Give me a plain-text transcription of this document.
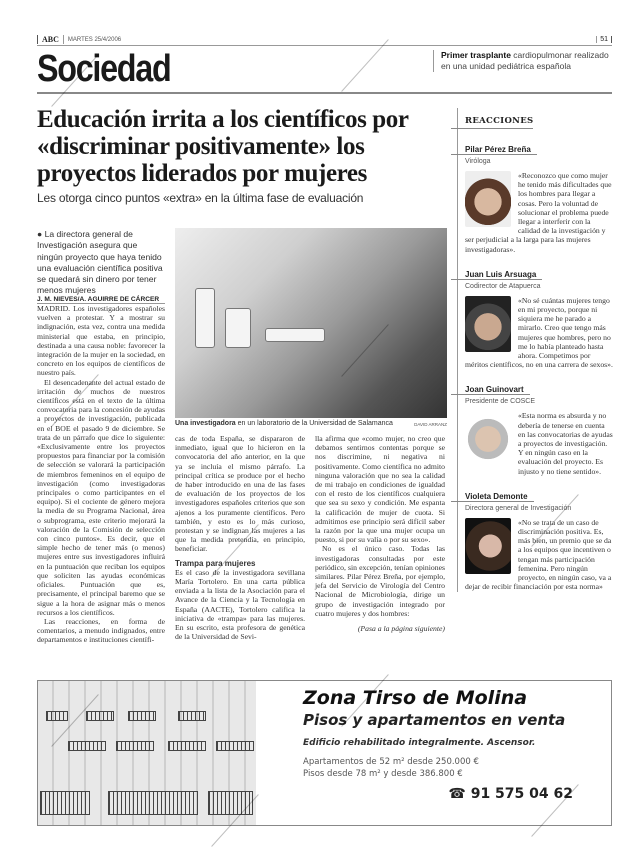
ABC	MARTES 25/4/2006	51
Sociedad	Primer trasplante cardiopulmonar realizado en una unidad pediátrica española
Educación irrita a los científicos por «discriminar positivamente» los proyectos liderados por mujeres
Les otorga cinco puntos «extra» en la última fase de evaluación
● La directora general de Investigación asegura que ningún proyecto que haya tenido una evaluación científica positiva se quedará sin dinero por tener menos mujeres
J. M. NIEVES/A. AGUIRRE DE CÁRCER

MADRID. Los investigadores españoles vuelven a protestar. Y a mostrar su indignación, esta vez, contra una medida ministerial que estaba, en principio, destinada a una causa noble: favorecer la integración de la mujer en la sociedad, en concreto en los equipos de científicos de nuestro país.

El desencadenante del actual estado de irritación de muchos de nuestros científicos está en el texto de la última convocatoria para la concesión de ayudas a proyectos de investigación, publicada en el BOE el pasado 9 de diciembre. Se trata de un párrafo que dice lo siguiente: «Exclusivamente entre los proyectos propuestos para financiar por la comisión de selección se valorará la participación de miembros femeninos en el equipo de investigación (como investigadoras principales o como participantes en el equipo). Si el cociente de género mejora la media de su Programa Nacional, área o subprograma, este criterio mejorará la valoración de la Comisión de selección con cinco puntos». Es decir, que el simple hecho de tener más (o menos) mujeres entre sus investigadores influirá en la puntuación que reciban los equipos que soliciten las ayudas económicas oficiales. Puntuación que es, precisamente, el principal baremo que se sigue a la hora de asignar más o menos recursos a los científicos.

Las reacciones, en forma de comentarios, a menudo indignados, entre departamentos e instituciones científi-

Una investigadora
en un laboratorio de la Universidad de Salamanca	DAVID ARRANZ

cas de toda España, se dispararon de inmediato, igual que lo hicieron en la convocatoria del año anterior, en la que ya se incluía el mismo párrafo. La principal crítica se produce por el hecho de haber introducido en una de las fases de evaluación de los proyectos de los investigadores españoles criterios que son ajenos a los puramente científicos. Pero también, y esto es lo más curioso, protestan y se indignan las mujeres a las que la medida pretendía, en principio, beneficiar.

Trampa para mujeres

Es el caso de la investigadora sevillana María Tortolero. En una carta pública enviada a la lista de la Asociación para el Avance de la Ciencia y la Tecnología en España (AACTE), Tortolero califica la iniciativa de «trampa» para las mujeres. En su escrito, esta profesora de genética de la Universidad de Sevi-

lla afirma que «como mujer, no creo que debamos sentirnos contentas porque se nos discrimine, ni negativa ni positivamente. Como científica no admito ninguna valoración que no sea la calidad de mi trabajo en condiciones de igualdad con el resto de los científicos cualquiera que sea su sexo y condición. Me espanta la calificación de mujer de cuota. Si admitimos ese principio será difícil saber la razón por la que una mujer ocupa un puesto, si por su valía o por su sexo».

No es el único caso. Todas las investigadoras consultadas por este periódico, sin excepción, tenían opiniones similares. Pilar Pérez Breña, por ejemplo, jefa del Servicio de Virología del Centro Nacional de Microbiología, dirige un grupo de investigación integrado por cuatro mujeres y dos hombres:

(Pasa a la página siguiente)

REACCIONES
Pilar Pérez Breña
Viróloga
«Reconozco que como mujer he tenido más dificultades que los hombres para llegar a cosas. Pero la voluntad de solucionar el problema puede llegar a interferir con la calidad de la investigación y ser perjudicial a la larga para las mujeres investigadoras».
Juan Luis Arsuaga
Codirector de Atapuerca
«No sé cuántas mujeres tengo en mi proyecto, porque ni siquiera me he parado a mirarlo. Creo que tengo más mujeres que hombres, pero no me lo había planteado hasta ahora. Competimos por méritos científicos, no en una carrera de sexos».
Joan Guinovart
Presidente de COSCE
«Esta norma es absurda y no debería de tenerse en cuenta en las convocatorias de ayudas a proyectos de investigación. Y en ningún caso en la evaluación del proyecto. Es injusto y no tiene sentido».
Violeta Demonte
Directora general de Investigación
«No se trata de un caso de discriminación positiva. Es, más bien, un premio que se da a los equipos que incentiven o tengan más participación femenina. Pero ningún proyecto, en ningún caso, va a dejar de recibir financiación por esta norma»
Zona Tirso de Molina
Pisos y apartamentos en venta
Edificio rehabilitado integralmente. Ascensor.
Apartamentos de 52 m² desde 250.000 €
Pisos desde 78 m² y desde 386.800 €
☎ 91 575 04 62
